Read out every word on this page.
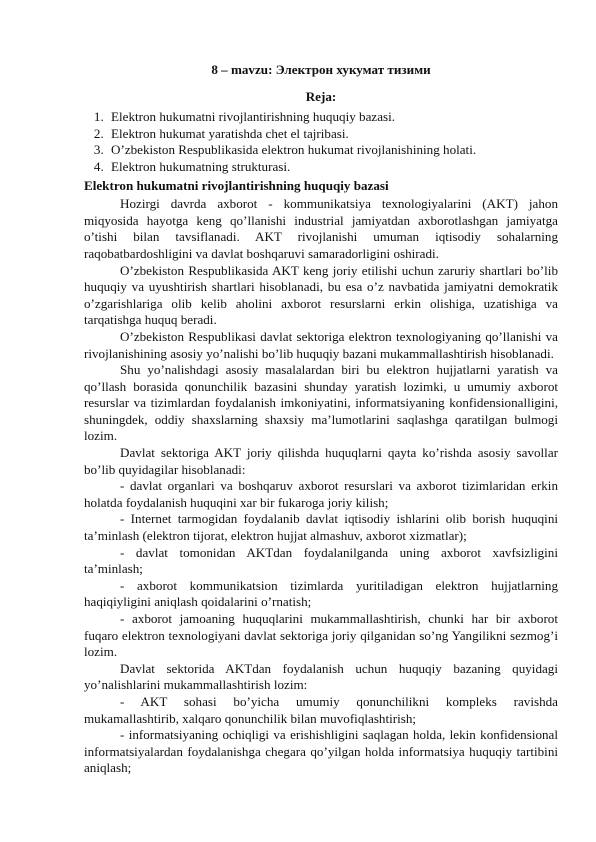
8 – mavzu: Электрон хукумат тизими
Reja:
1. Elektron hukumatni rivojlantirishning huquqiy bazasi.
2. Elektron hukumat yaratishda chet el tajribasi.
3. O’zbekiston Respublikasida elektron hukumat rivojlanishining holati.
4. Elektron hukumatning strukturasi.
Elektron hukumatni rivojlantirishning huquqiy bazasi

Hozirgi davrda axborot ‐ kommunikatsiya texnologiyalarini (AKT) jahon miqyosida hayotga keng qo’llanishi industrial jamiyatdan axborotlashgan jamiyatga o’tishi bilan tavsiflanadi. AKT rivojlanishi umuman iqtisodiy sohalarning raqobatbardoshligini va davlat boshqaruvi samaradorligini oshiradi.

O’zbekiston Respublikasida AKT keng joriy etilishi uchun zaruriy shartlari bo’lib huquqiy va uyushtirish shartlari hisoblanadi, bu esa o’z navbatida jamiyatni demokratik o’zgarishlariga olib kelib aholini axborot resurslarni erkin olishiga, uzatishiga va tarqatishga huquq beradi.

O’zbekiston Respublikasi davlat sektoriga elektron texnologiyaning qo’llanishi va rivojlanishining asosiy yo’nalishi bo’lib huquqiy bazani mukammallashtirish hisoblanadi.

Shu yo’nalishdagi asosiy masalalardan biri bu elektron hujjatlarni yaratish va qo’llash borasida qonunchilik bazasini shunday yaratish lozimki, u umumiy axborot resurslar va tizimlardan foydalanish imkoniyatini, informatsiyaning konfidensionalligini, shuningdek, oddiy shaxslarning shaxsiy ma’lumotlarini saqlashga qaratilgan bulmogi lozim.

Davlat sektoriga AKT joriy qilishda huquqlarni qayta ko’rishda asosiy savollar bo’lib quyidagilar hisoblanadi:

- davlat organlari va boshqaruv axborot resurslari va axborot tizimlaridan erkin holatda foydalanish huquqini xar bir fukaroga joriy kilish;

- Internet tarmogidan foydalanib davlat iqtisodiy ishlarini olib borish huquqini ta’minlash (elektron tijorat, elektron hujjat almashuv, axborot xizmatlar);

- davlat tomonidan AKTdan foydalanilganda uning axborot xavfsizligini ta’minlash;

- axborot kommunikatsion tizimlarda yuritiladigan elektron hujjatlarning haqiqiyligini aniqlash qoidalarini o’rnatish;

- axborot jamoaning huquqlarini mukammallashtirish, chunki har bir axborot fuqaro elektron texnologiyani davlat sektoriga joriy qilganidan so’ng Yangilikni sezmog’i lozim.

Davlat sektorida AKTdan foydalanish uchun huquqiy bazaning quyidagi yo’nalishlarini mukammallashtirish lozim:

- AKT sohasi bo’yicha umumiy qonunchilikni kompleks ravishda mukamallashtirib, xalqaro qonunchilik bilan muvofiqlashtirish;

- informatsiyaning ochiqligi va erishishligini saqlagan holda, lekin konfidensional informatsiyalardan foydalanishga chegara qo’yilgan holda informatsiya huquqiy tartibini aniqlash;
